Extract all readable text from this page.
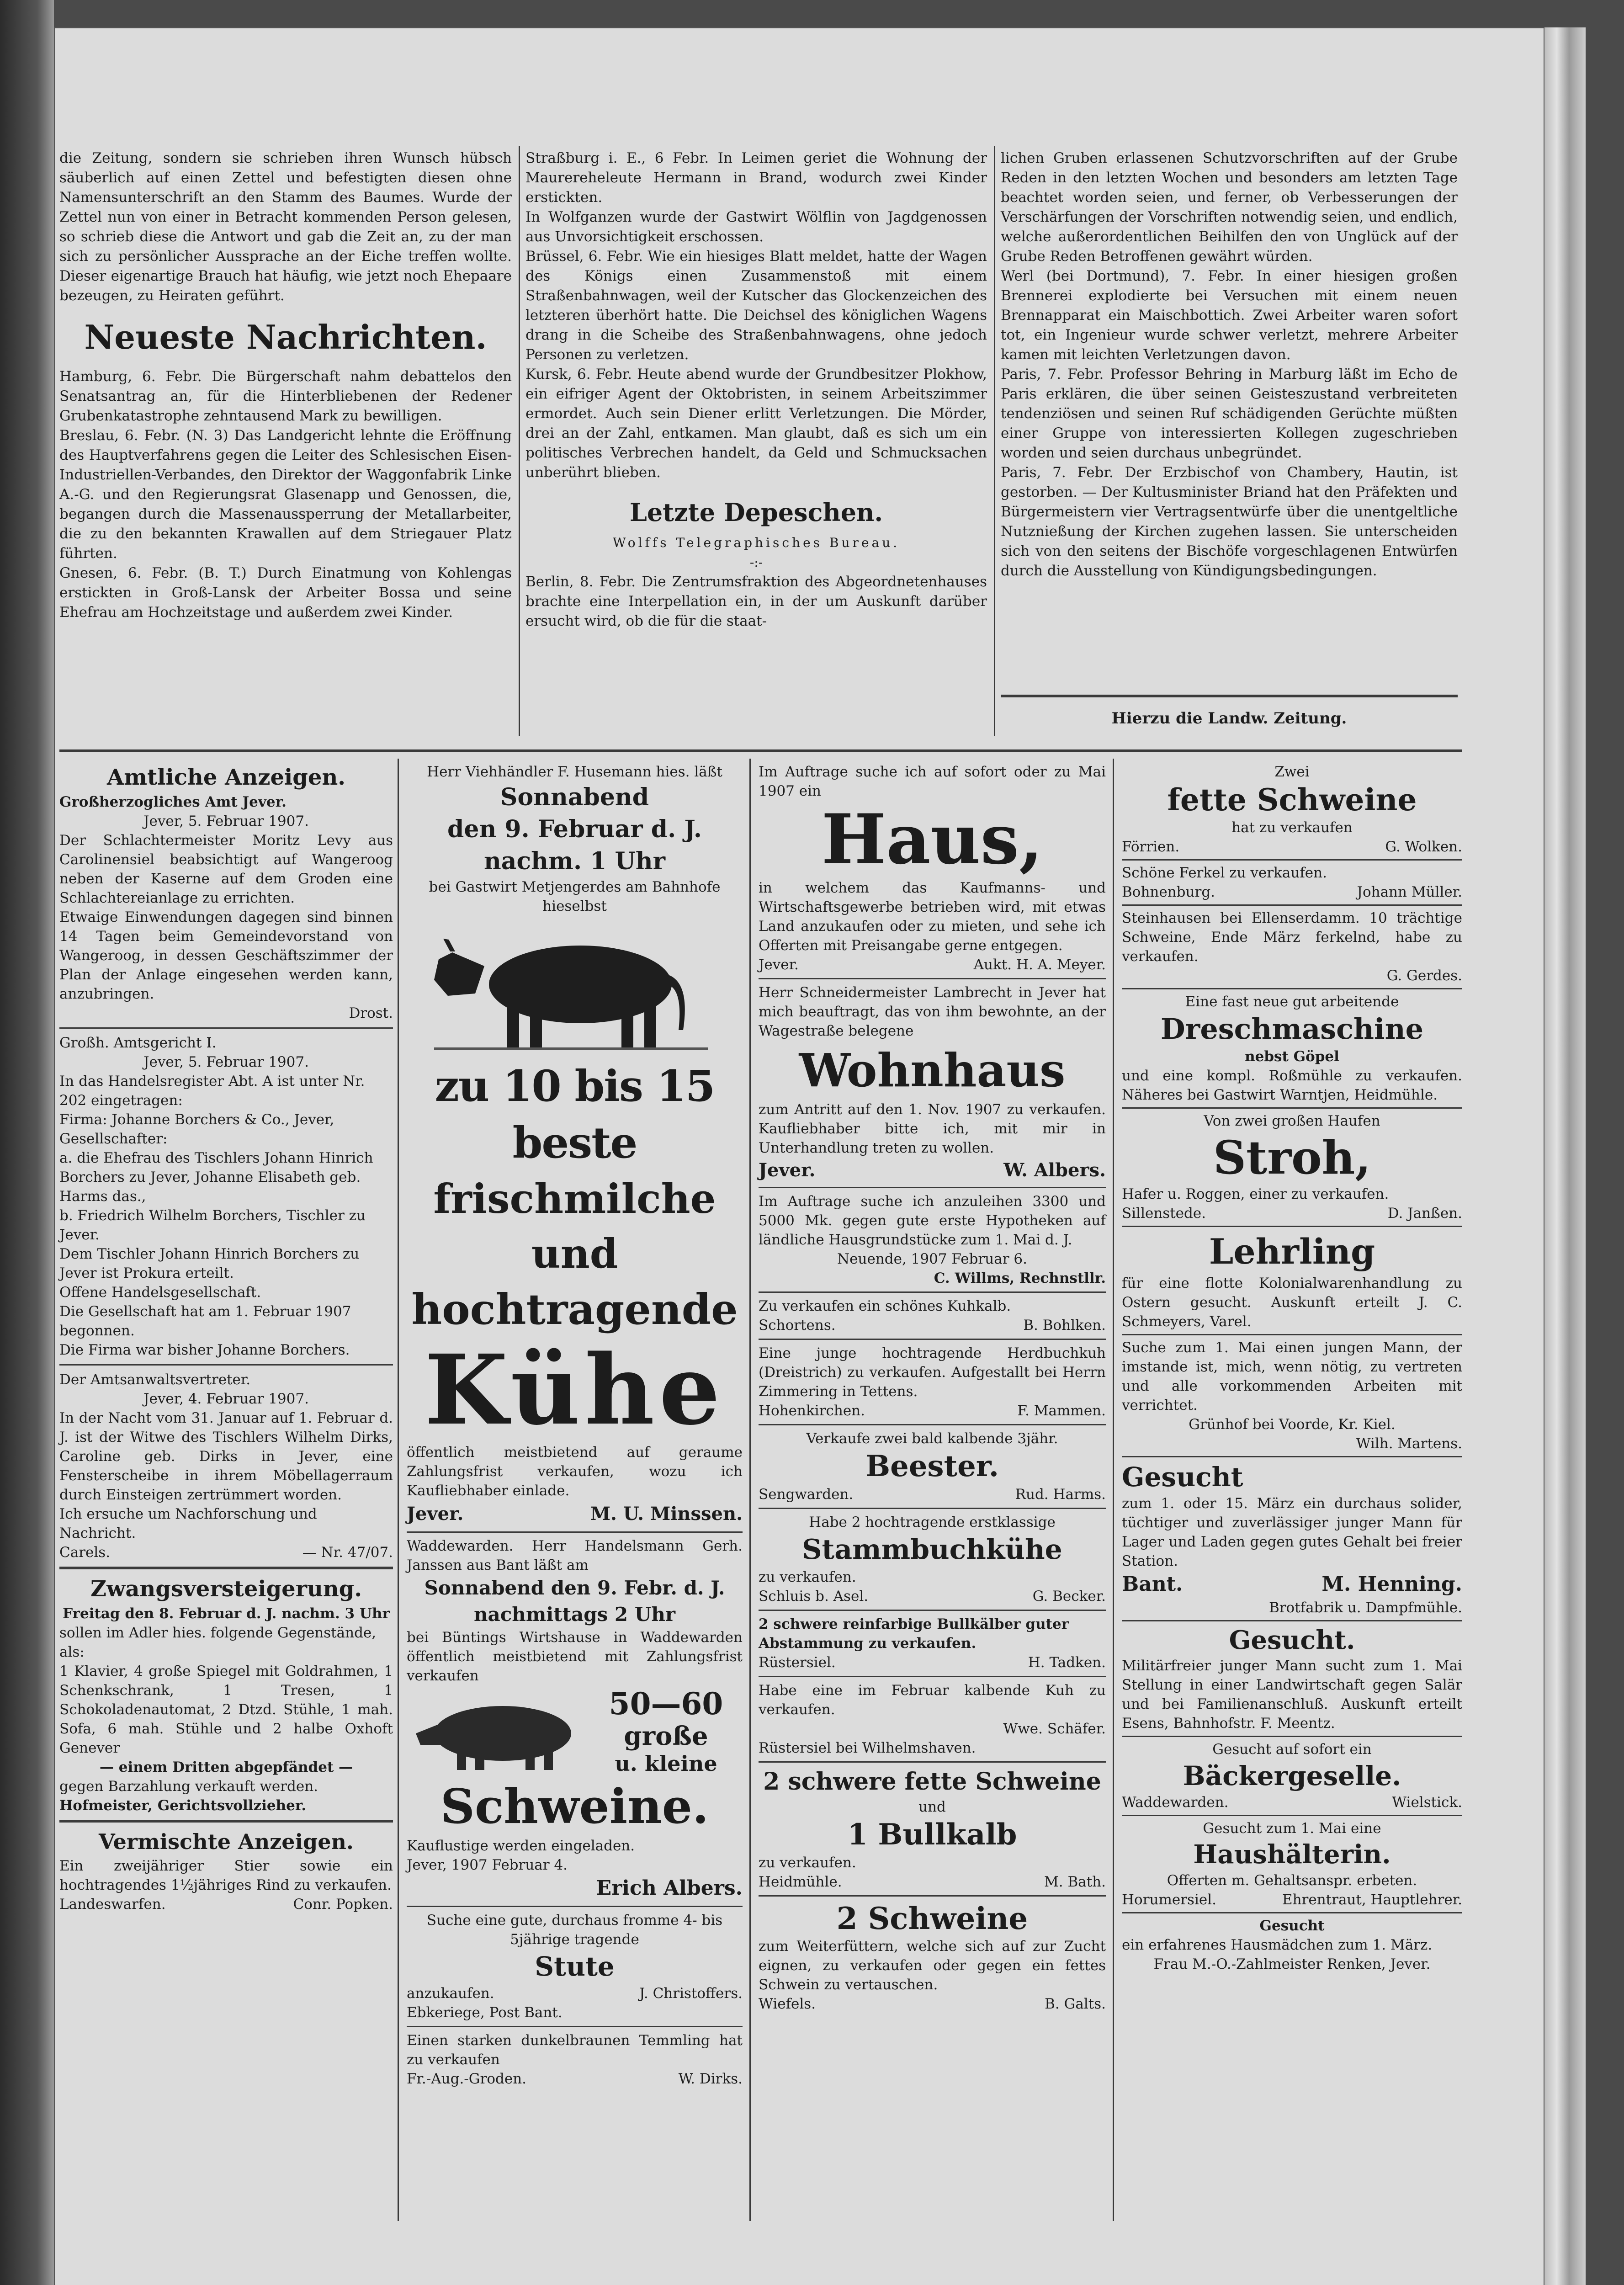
die Zeitung, sondern sie schrieben ihren Wunsch hübsch säuberlich auf einen Zettel und befestigten diesen ohne Namensunterschrift an den Stamm des Baumes. Wurde der Zettel nun von einer in Betracht kommenden Person gelesen, so schrieb diese die Antwort und gab die Zeit an, zu der man sich zu persönlicher Aussprache an der Eiche treffen wollte. Dieser eigenartige Brauch hat häufig, wie jetzt noch Ehepaare bezeugen, zu Heiraten geführt.

Neueste Nachrichten.

Hamburg, 6. Febr. Die Bürgerschaft nahm debattelos den Senatsantrag an, für die Hinterbliebenen der Redener Grubenkatastrophe zehntausend Mark zu bewilligen.

Breslau, 6. Febr. (N. 3) Das Landgericht lehnte die Eröffnung des Hauptverfahrens gegen die Leiter des Schlesischen Eisen-Industriellen-Verbandes, den Direktor der Waggonfabrik Linke A.-G. und den Regierungsrat Glasenapp und Genossen, die, begangen durch die Massenaussperrung der Metallarbeiter, die zu den bekannten Krawallen auf dem Striegauer Platz führten.

Gnesen, 6. Febr. (B. T.) Durch Einatmung von Kohlengas erstickten in Groß-Lansk der Arbeiter Bossa und seine Ehefrau am Hochzeitstage und außerdem zwei Kinder.

Straßburg i. E., 6 Febr. In Leimen geriet die Wohnung der Maurereheleute Hermann in Brand, wodurch zwei Kinder erstickten.

In Wolfganzen wurde der Gastwirt Wölflin von Jagdgenossen aus Unvorsichtigkeit erschossen.

Brüssel, 6. Febr. Wie ein hiesiges Blatt meldet, hatte der Wagen des Königs einen Zusammenstoß mit einem Straßenbahnwagen, weil der Kutscher das Glockenzeichen des letzteren überhört hatte. Die Deichsel des königlichen Wagens drang in die Scheibe des Straßenbahnwagens, ohne jedoch Personen zu verletzen.

Kursk, 6. Febr. Heute abend wurde der Grundbesitzer Plokhow, ein eifriger Agent der Oktobristen, in seinem Arbeitszimmer ermordet. Auch sein Diener erlitt Verletzungen. Die Mörder, drei an der Zahl, entkamen. Man glaubt, daß es sich um ein politisches Verbrechen handelt, da Geld und Schmucksachen unberührt blieben.

Letzte Depeschen.
Wolffs Telegraphisches Bureau.
-:-

Berlin, 8. Febr. Die Zentrumsfraktion des Abgeordnetenhauses brachte eine Interpellation ein, in der um Auskunft darüber ersucht wird, ob die für die staat-

lichen Gruben erlassenen Schutzvorschriften auf der Grube Reden in den letzten Wochen und besonders am letzten Tage beachtet worden seien, und ferner, ob Verbesserungen der Verschärfungen der Vorschriften notwendig seien, und endlich, welche außerordentlichen Beihilfen den von Unglück auf der Grube Reden Betroffenen gewährt würden.

Werl (bei Dortmund), 7. Febr. In einer hiesigen großen Brennerei explodierte bei Versuchen mit einem neuen Brennapparat ein Maischbottich. Zwei Arbeiter waren sofort tot, ein Ingenieur wurde schwer verletzt, mehrere Arbeiter kamen mit leichten Verletzungen davon.

Paris, 7. Febr. Professor Behring in Marburg läßt im Echo de Paris erklären, die über seinen Geisteszustand verbreiteten tendenziösen und seinen Ruf schädigenden Gerüchte müßten einer Gruppe von interessierten Kollegen zugeschrieben worden und seien durchaus unbegründet.

Paris, 7. Febr. Der Erzbischof von Chambery, Hautin, ist gestorben. — Der Kultusminister Briand hat den Präfekten und Bürgermeistern vier Vertragsentwürfe über die unentgeltliche Nutznießung der Kirchen zugehen lassen. Sie unterscheiden sich von den seitens der Bischöfe vorgeschlagenen Entwürfen durch die Ausstellung von Kündigungsbedingungen.

Hierzu die Landw. Zeitung.
Amtliche Anzeigen.

Großherzogliches Amt Jever.

Jever, 5. Februar 1907.

Der Schlachtermeister Moritz Levy aus Carolinensiel beabsichtigt auf Wangeroog neben der Kaserne auf dem Groden eine Schlachtereianlage zu errichten.

Etwaige Einwendungen dagegen sind binnen 14 Tagen beim Gemeindevorstand von Wangeroog, in dessen Geschäftszimmer der Plan der Anlage eingesehen werden kann, anzubringen.

Drost.

Großh. Amtsgericht I.

Jever, 5. Februar 1907.

In das Handelsregister Abt. A ist unter Nr. 202 eingetragen:

Firma: Johanne Borchers & Co., Jever,

Gesellschafter:

a. die Ehefrau des Tischlers Johann Hinrich Borchers zu Jever, Johanne Elisabeth geb. Harms das.,

b. Friedrich Wilhelm Borchers, Tischler zu Jever.

Dem Tischler Johann Hinrich Borchers zu Jever ist Prokura erteilt.

Offene Handelsgesellschaft.

Die Gesellschaft hat am 1. Februar 1907 begonnen.

Die Firma war bisher Johanne Borchers.

Der Amtsanwaltsvertreter.

Jever, 4. Februar 1907.

In der Nacht vom 31. Januar auf 1. Februar d. J. ist der Witwe des Tischlers Wilhelm Dirks, Caroline geb. Dirks in Jever, eine Fensterscheibe in ihrem Möbellagerraum durch Einsteigen zertrümmert worden.

Ich ersuche um Nachforschung und Nachricht.

Carels.	— Nr. 47/07.
Zwangsversteigerung.

Freitag den 8. Februar d. J. nachm. 3 Uhr

sollen im Adler hies. folgende Gegenstände, als:

1 Klavier, 4 große Spiegel mit Goldrahmen, 1 Schenkschrank, 1 Tresen, 1 Schokoladenautomat, 2 Dtzd. Stühle, 1 mah. Sofa, 6 mah. Stühle und 2 halbe Oxhoft Genever

— einem Dritten abgepfändet —

gegen Barzahlung verkauft werden.

Hofmeister, Gerichtsvollzieher.

Vermischte Anzeigen.

Ein zweijähriger Stier sowie ein hochtragendes 1½jähriges Rind zu verkaufen.

Landeswarfen.	Conr. Popken.

Herr Viehhändler F. Husemann hies. läßt

Sonnabend
den 9. Februar d. J.
nachm. 1 Uhr

bei Gastwirt Metjengerdes am Bahnhofe hieselbst

zu 10 bis 15 beste
frischmilche und
hochtragende
Kühe

öffentlich meistbietend auf geraume Zahlungsfrist verkaufen, wozu ich Kaufliebhaber einlade.

Jever.	M. U. Minssen.

Waddewarden. Herr Handelsmann Gerh. Janssen aus Bant läßt am

Sonnabend den 9. Febr. d. J.
nachmittags 2 Uhr

bei Büntings Wirtshause in Waddewarden öffentlich meistbietend mit Zahlungsfrist verkaufen

50—60
große
u. kleine
Schweine.

Kauflustige werden eingeladen.

Jever, 1907 Februar 4.

Erich Albers.

Suche eine gute, durchaus fromme 4- bis 5jährige tragende

Stute
anzukaufen.	J. Christoffers.

Ebkeriege, Post Bant.

Einen starken dunkelbraunen Temmling hat zu verkaufen

Fr.-Aug.-Groden.	W. Dirks.

Im Auftrage suche ich auf sofort oder zu Mai 1907 ein

Haus,

in welchem das Kaufmanns- und Wirtschaftsgewerbe betrieben wird, mit etwas Land anzukaufen oder zu mieten, und sehe ich Offerten mit Preisangabe gerne entgegen.

Jever.	Aukt. H. A. Meyer.

Herr Schneidermeister Lambrecht in Jever hat mich beauftragt, das von ihm bewohnte, an der Wagestraße belegene

Wohnhaus

zum Antritt auf den 1. Nov. 1907 zu verkaufen. Kaufliebhaber bitte ich, mit mir in Unterhandlung treten zu wollen.

Jever.	W. Albers.

Im Auftrage suche ich anzuleihen 3300 und 5000 Mk. gegen gute erste Hypotheken auf ländliche Hausgrundstücke zum 1. Mai d. J.

Neuende, 1907 Februar 6.

C. Willms, Rechnstllr.

Zu verkaufen ein schönes Kuhkalb.

Schortens.	B. Bohlken.

Eine junge hochtragende Herdbuchkuh (Dreistrich) zu verkaufen. Aufgestallt bei Herrn Zimmering in Tettens.

Hohenkirchen.	F. Mammen.

Verkaufe zwei bald kalbende 3jähr.

Beester.
Sengwarden.	Rud. Harms.

Habe 2 hochtragende erstklassige

Stammbuchkühe

zu verkaufen.

Schluis b. Asel.	G. Becker.

2 schwere reinfarbige Bullkälber guter Abstammung zu verkaufen.

Rüstersiel.	H. Tadken.

Habe eine im Februar kalbende Kuh zu verkaufen.

Wwe. Schäfer.

Rüstersiel bei Wilhelmshaven.

2 schwere fette Schweine

und

1 Bullkalb

zu verkaufen.

Heidmühle.	M. Bath.
2 Schweine

zum Weiterfüttern, welche sich auf zur Zucht eignen, zu verkaufen oder gegen ein fettes Schwein zu vertauschen.

Wiefels.	B. Galts.

Zwei

fette Schweine

hat zu verkaufen

Förrien.	G. Wolken.

Schöne Ferkel zu verkaufen.

Bohnenburg.	Johann Müller.

Steinhausen bei Ellenserdamm. 10 trächtige Schweine, Ende März ferkelnd, habe zu verkaufen.

G. Gerdes.

Eine fast neue gut arbeitende

Dreschmaschine

nebst Göpel

und eine kompl. Roßmühle zu verkaufen. Näheres bei Gastwirt Warntjen, Heidmühle.

Von zwei großen Haufen

Stroh,

Hafer u. Roggen, einer zu verkaufen.

Sillenstede.	D. Janßen.
Lehrling

für eine flotte Kolonialwarenhandlung zu Ostern gesucht. Auskunft erteilt J. C. Schmeyers, Varel.

Suche zum 1. Mai einen jungen Mann, der imstande ist, mich, wenn nötig, zu vertreten und alle vorkommenden Arbeiten mit verrichtet.

Grünhof bei Voorde, Kr. Kiel.

Wilh. Martens.

Gesucht

zum 1. oder 15. März ein durchaus solider, tüchtiger und zuverlässiger junger Mann für Lager und Laden gegen gutes Gehalt bei freier Station.

Bant.	M. Henning.

Brotfabrik u. Dampfmühle.

Gesucht.

Militärfreier junger Mann sucht zum 1. Mai Stellung in einer Landwirtschaft gegen Salär und bei Familienanschluß. Auskunft erteilt Esens, Bahnhofstr. F. Meentz.

Gesucht auf sofort ein

Bäckergeselle.
Waddewarden.	Wielstick.

Gesucht zum 1. Mai eine

Haushälterin.

Offerten m. Gehaltsanspr. erbeten.

Horumersiel.	Ehrentraut, Hauptlehrer.

Gesucht

ein erfahrenes Hausmädchen zum 1. März.

Frau M.-O.-Zahlmeister Renken, Jever.
